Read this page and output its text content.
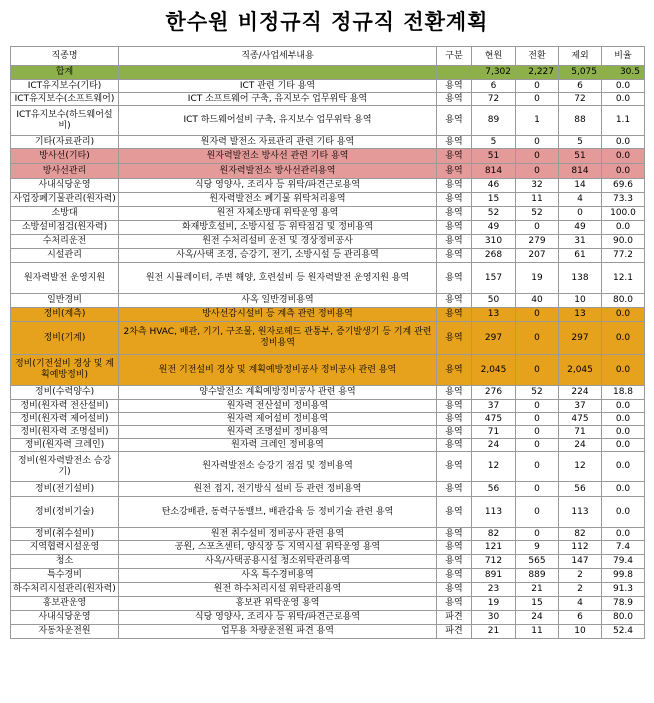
한수원 비정규직 정규직 전환계획
직종명	직종/사업세부내용	구분	현원	전환	제외	비율
합계			7,302	2,227	5,075	30.5
ICT유지보수(기타)	ICT 관련 기타 용역	용역	6	0	6	0.0
ICT유지보수(소프트웨어)	ICT 소프트웨어 구축, 유지보수 업무위탁 용역	용역	72	0	72	0.0
ICT유지보수(하드웨어설비)	ICT 하드웨어설비 구축, 유지보수 업무위탁 용역	용역	89	1	88	1.1
기타(자료관리)	원자력 발전소 자료관리 관련 기타 용역	용역	5	0	5	0.0
방사선(기타)	원자력발전소 방사선 관련 기타 용역	용역	51	0	51	0.0
방사선관리	원자력발전소 방사선관리용역	용역	814	0	814	0.0
사내식당운영	식당 영양사, 조리사 등 위탁/파견근로용역	용역	46	32	14	69.6
사업장폐기물관리(원자력)	원자력발전소 폐기물 위탁처리용역	용역	15	11	4	73.3
소방대	원전 자체소방대 위탁운영 용역	용역	52	52	0	100.0
소방설비점검(원자력)	화재방호설비, 소방시설 등 위탁점검 및 정비용역	용역	49	0	49	0.0
수처리운전	원전 수처리설비 운전 및 경상정비공사	용역	310	279	31	90.0
시설관리	사옥/사택 조경, 승강기, 전기, 소방시설 등 관리용역	용역	268	207	61	77.2
원자력발전 운영지원	원전 시뮬레이터, 주변 해양, 호련설비 등 원자력발전 운영지원 용역	용역	157	19	138	12.1
일반경비	사옥 일반경비용역	용역	50	40	10	80.0
정비(계측)	방사선감시설비 등 계측 관련 정비용역	용역	13	0	13	0.0
정비(기계)	2차측 HVAC, 배관, 기기, 구조물, 원자로헤드 관통부, 증기발생기 등 기계 관련 정비용역	용역	297	0	297	0.0
정비(기전설비 경상 및 계획예방정비)	원전 기전설비 경상 및 계획예방정비공사 정비공사 관련 용역	용역	2,045	0	2,045	0.0
정비(수력양수)	양수발전소 계획예방정비공사 관련 용역	용역	276	52	224	18.8
정비(원자력 전산설비)	원자력 전산설비 정비용역	용역	37	0	37	0.0
정비(원자력 제어설비)	원자력 제어설비 정비용역	용역	475	0	475	0.0
정비(원자력 조명설비)	원자력 조명설비 정비용역	용역	71	0	71	0.0
정비(원자력 크레인)	원자력 크레인 정비용역	용역	24	0	24	0.0
정비(원자력발전소 승강기)	원자력발전소 승강기 점검 및 정비용역	용역	12	0	12	0.0
정비(전기설비)	원전 접지, 전기방식 설비 등 관련 정비용역	용역	56	0	56	0.0
정비(정비기술)	탄소강배관, 동력구동밸브, 배관감육 등 정비기술 관련 용역	용역	113	0	113	0.0
정비(취수설비)	원전 취수설비 정비공사 관련 용역	용역	82	0	82	0.0
지역협력시설운영	공원, 스포츠센터, 양식장 등 지역시설 위탁운영 용역	용역	121	9	112	7.4
청소	사옥/사택공용시설 청소위탁관리용역	용역	712	565	147	79.4
특수경비	사옥 특수경비용역	용역	891	889	2	99.8
하수처리시설관리(원자력)	원전 하수처리시설 위탁관리용역	용역	23	21	2	91.3
홍보관운영	홍보관 위탁운영 용역	용역	19	15	4	78.9
사내식당운영	식당 영양사, 조리사 등 위탁/파견근로용역	파견	30	24	6	80.0
자동차운전원	업무용 차량운전원 파견 용역	파견	21	11	10	52.4
